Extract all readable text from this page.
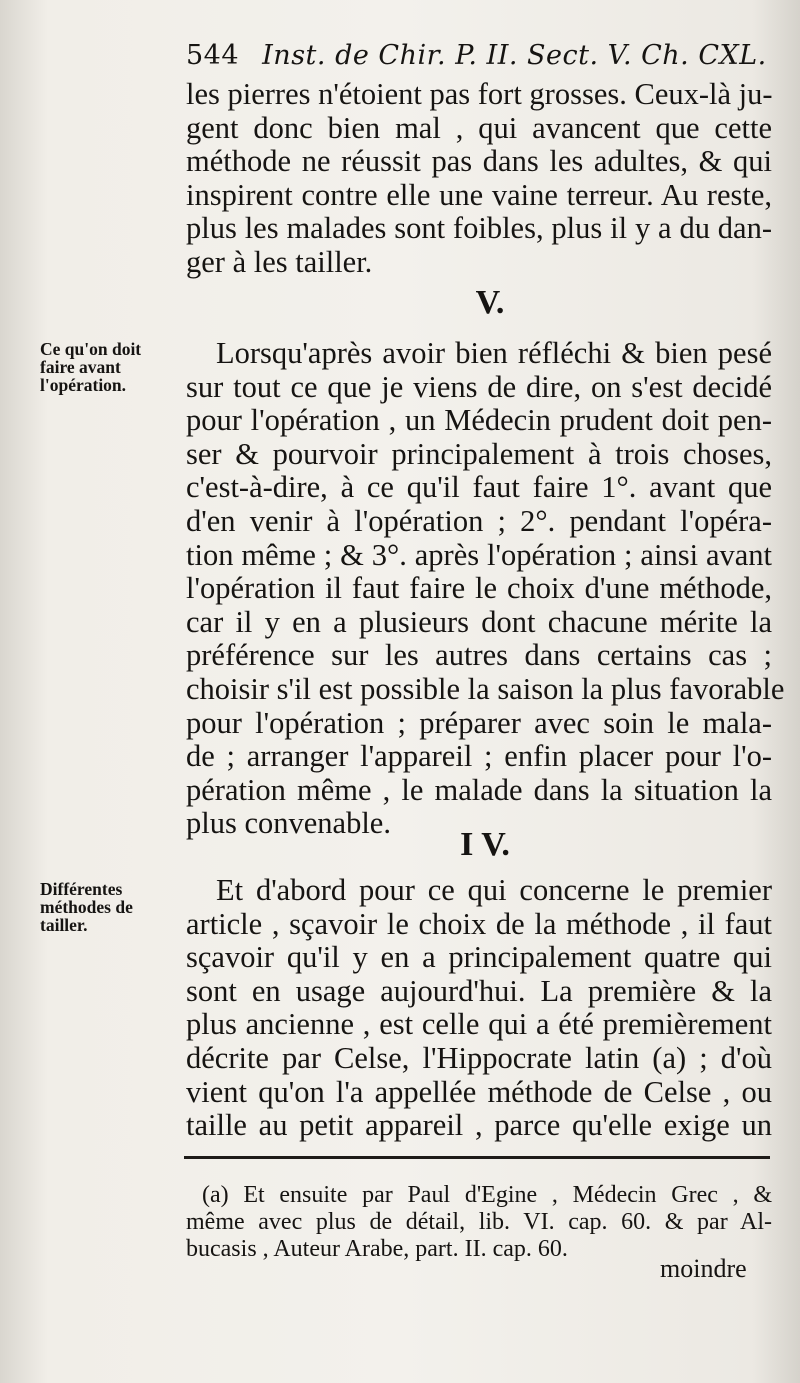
544 Inst. de Chir. P. II. Sect. V. Ch. CXL.
les pierres n'étoient pas fort grosses. Ceux-là ju-
gent donc bien mal , qui avancent que cette
méthode ne réussit pas dans les adultes, & qui
inspirent contre elle une vaine terreur. Au reste,
plus les malades sont foibles, plus il y a du dan-
ger à les tailler.
V.
Ce qu'on doit
faire avant
l'opération.
Lorsqu'après avoir bien réfléchi & bien pesé
sur tout ce que je viens de dire, on s'est decidé
pour l'opération , un Médecin prudent doit pen-
ser & pourvoir principalement à trois choses,
c'est-à-dire, à ce qu'il faut faire 1°. avant que
d'en venir à l'opération ; 2°. pendant l'opéra-
tion même ; & 3°. après l'opération ; ainsi avant
l'opération il faut faire le choix d'une méthode,
car il y en a plusieurs dont chacune mérite la
préférence sur les autres dans certains cas ;
choisir s'il est possible la saison la plus favorable
pour l'opération ; préparer avec soin le mala-
de ; arranger l'appareil ; enfin placer pour l'o-
pération même , le malade dans la situation la
plus convenable.
I V.
Différentes
méthodes de
tailler.
Et d'abord pour ce qui concerne le premier
article , sçavoir le choix de la méthode , il faut
sçavoir qu'il y en a principalement quatre qui
sont en usage aujourd'hui. La première & la
plus ancienne , est celle qui a été premièrement
décrite par Celse, l'Hippocrate latin (a) ; d'où
vient qu'on l'a appellée méthode de Celse , ou
taille au petit appareil , parce qu'elle exige un
(a) Et ensuite par Paul d'Egine , Médecin Grec , &
même avec plus de détail, lib. VI. cap. 60. & par Al-
bucasis , Auteur Arabe, part. II. cap. 60.
moindre
